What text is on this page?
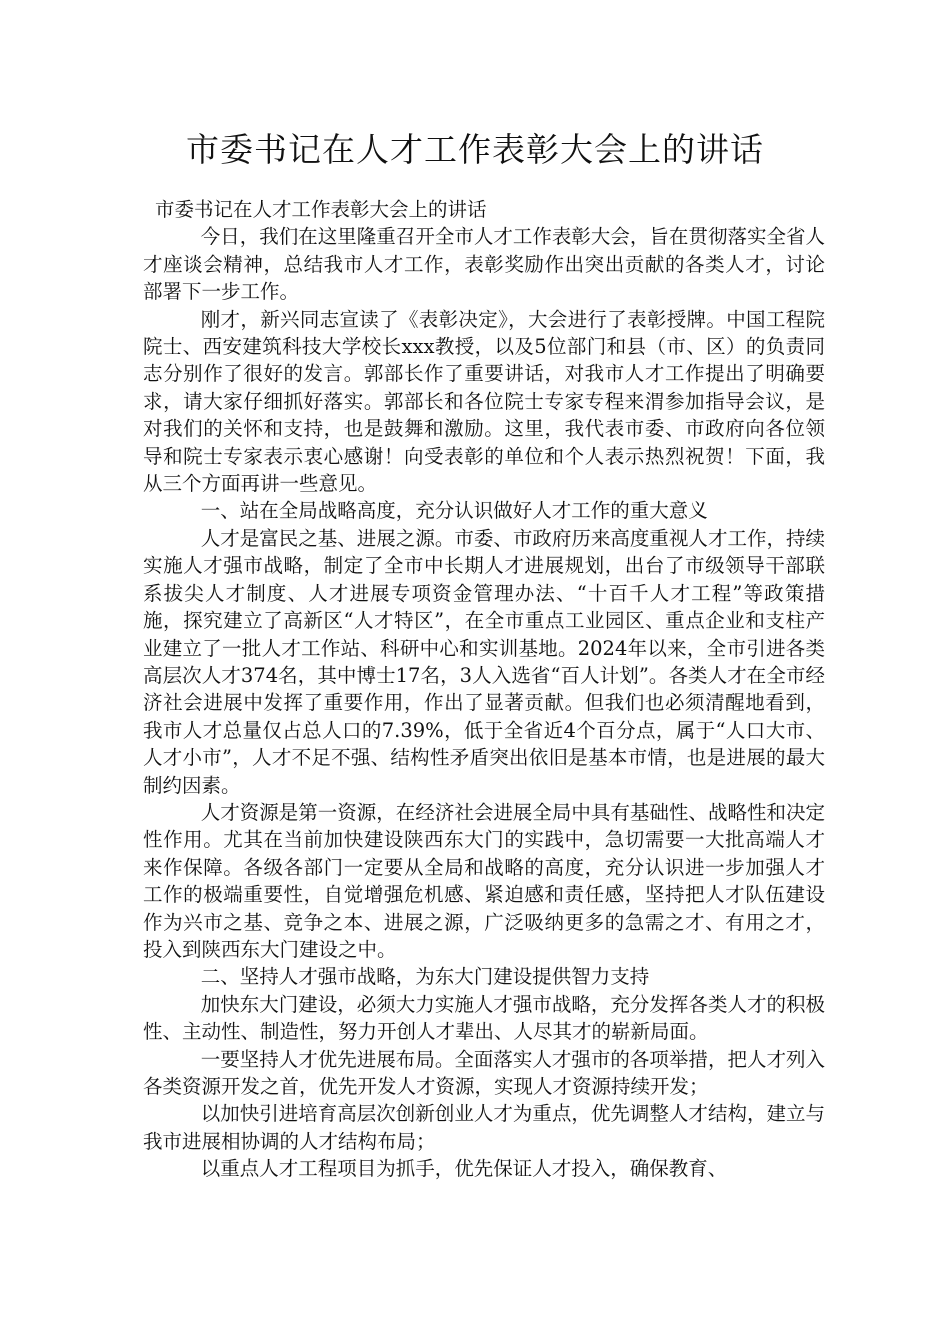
市委书记在人才工作表彰大会上的讲话

市委书记在人才工作表彰大会上的讲话

今日，我们在这里隆重召开全市人才工作表彰大会，旨在贯彻落实全省人才座谈会精神，总结我市人才工作，表彰奖励作出突出贡献的各类人才，讨论部署下一步工作。

刚才，新兴同志宣读了《表彰决定》，大会进行了表彰授牌。中国工程院院士、西安建筑科技大学校长xxx教授，以及5位部门和县（市、区）的负责同志分别作了很好的发言。郭部长作了重要讲话，对我市人才工作提出了明确要求，请大家仔细抓好落实。郭部长和各位院士专家专程来渭参加指导会议，是对我们的关怀和支持，也是鼓舞和激励。这里，我代表市委、市政府向各位领导和院士专家表示衷心感谢！向受表彰的单位和个人表示热烈祝贺！下面，我从三个方面再讲一些意见。

一、站在全局战略高度，充分认识做好人才工作的重大意义

人才是富民之基、进展之源。市委、市政府历来高度重视人才工作，持续实施人才强市战略，制定了全市中长期人才进展规划，出台了市级领导干部联系拔尖人才制度、人才进展专项资金管理办法、“十百千人才工程”等政策措施，探究建立了高新区“人才特区”，在全市重点工业园区、重点企业和支柱产业建立了一批人才工作站、科研中心和实训基地。2024年以来，全市引进各类高层次人才374名，其中博士17名，3人入选省“百人计划”。各类人才在全市经济社会进展中发挥了重要作用，作出了显著贡献。但我们也必须清醒地看到，我市人才总量仅占总人口的7.39%，低于全省近4个百分点，属于“人口大市、人才小市”，人才不足不强、结构性矛盾突出依旧是基本市情，也是进展的最大制约因素。

人才资源是第一资源，在经济社会进展全局中具有基础性、战略性和决定性作用。尤其在当前加快建设陕西东大门的实践中，急切需要一大批高端人才来作保障。各级各部门一定要从全局和战略的高度，充分认识进一步加强人才工作的极端重要性，自觉增强危机感、紧迫感和责任感，坚持把人才队伍建设作为兴市之基、竞争之本、进展之源，广泛吸纳更多的急需之才、有用之才，投入到陕西东大门建设之中。

二、坚持人才强市战略，为东大门建设提供智力支持

加快东大门建设，必须大力实施人才强市战略，充分发挥各类人才的积极性、主动性、制造性，努力开创人才辈出、人尽其才的崭新局面。

一要坚持人才优先进展布局。全面落实人才强市的各项举措，把人才列入各类资源开发之首，优先开发人才资源，实现人才资源持续开发；

以加快引进培育高层次创新创业人才为重点，优先调整人才结构，建立与我市进展相协调的人才结构布局；

以重点人才工程项目为抓手，优先保证人才投入，确保教育、
